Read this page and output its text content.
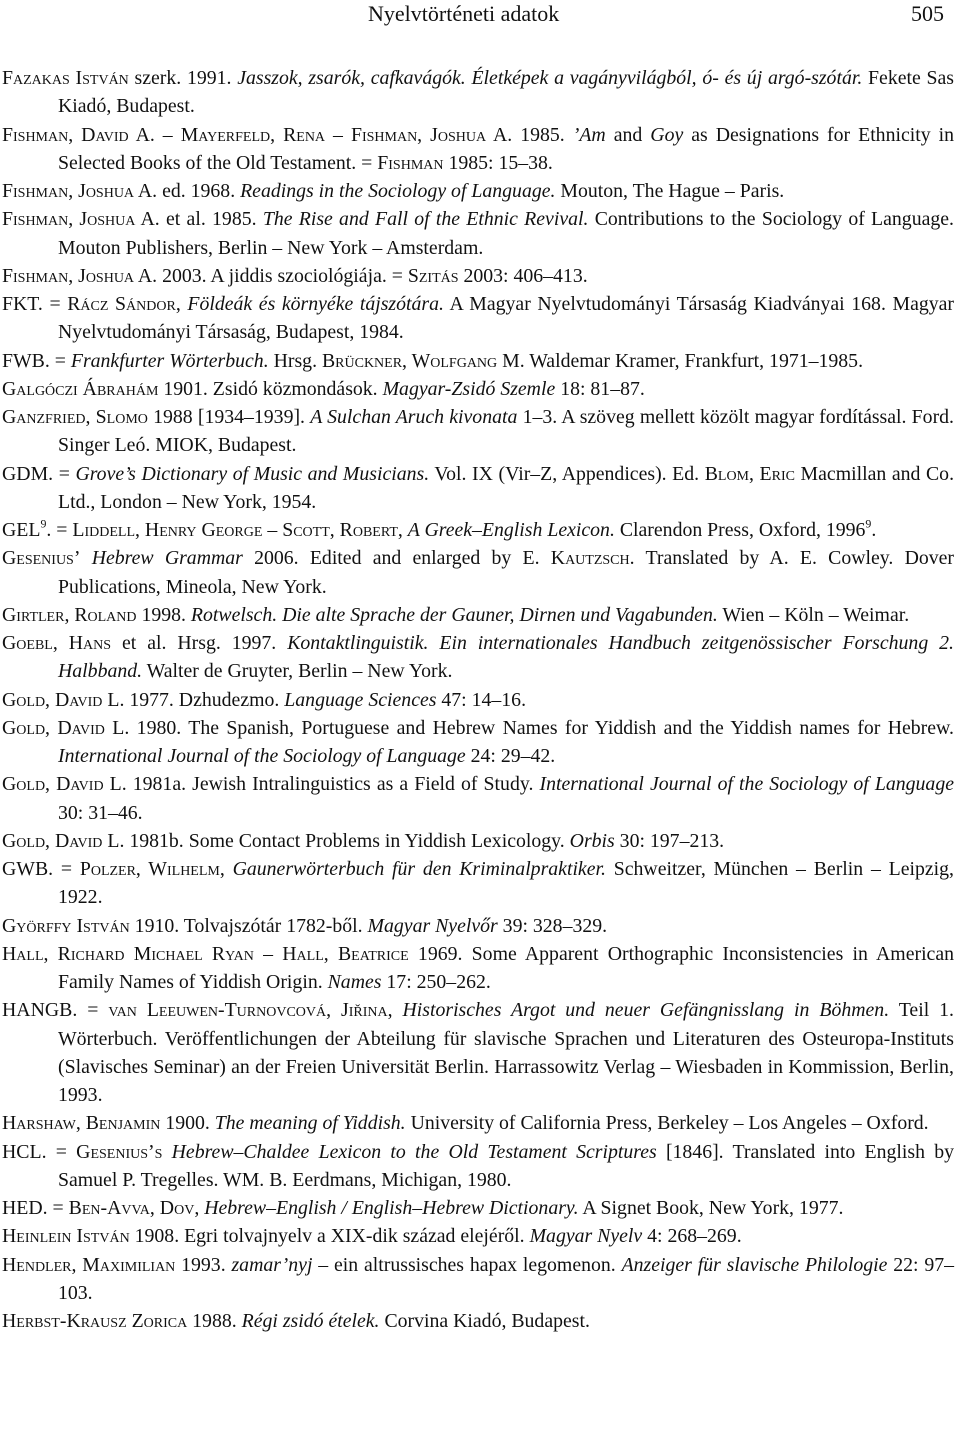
Nyelvtörténeti adatok	505

Fazakas István szerk. 1991. Jasszok, zsarók, cafkavágók. Életképek a vagányvilágból, ó- és új argó-szótár. Fekete Sas Kiadó, Budapest.

Fishman, David A. – Mayerfeld, Rena – Fishman, Joshua A. 1985. ’Am and Goy as Designations for Ethnicity in Selected Books of the Old Testament. = Fishman 1985: 15–38.

Fishman, Joshua A. ed. 1968. Readings in the Sociology of Language. Mouton, The Hague – Paris.

Fishman, Joshua A. et al. 1985. The Rise and Fall of the Ethnic Revival. Contributions to the Sociology of Language. Mouton Publishers, Berlin – New York – Amsterdam.

Fishman, Joshua A. 2003. A jiddis szociológiája. = Szitás 2003: 406–413.

FKT. = Rácz Sándor, Földeák és környéke tájszótára. A Magyar Nyelvtudományi Társaság Kiadványai 168. Magyar Nyelvtudományi Társaság, Budapest, 1984.

FWB. = Frankfurter Wörterbuch. Hrsg. Brückner, Wolfgang M. Waldemar Kramer, Frankfurt, 1971–1985.

Galgóczi Ábrahám 1901. Zsidó közmondások. Magyar-Zsidó Szemle 18: 81–87.

Ganzfried, Slomo 1988 [1934–1939]. A Sulchan Aruch kivonata 1–3. A szöveg mellett közölt magyar fordítással. Ford. Singer Leó. MIOK, Budapest.

GDM. = Grove’s Dictionary of Music and Musicians. Vol. IX (Vir–Z, Appendices). Ed. Blom, Eric Macmillan and Co. Ltd., London – New York, 1954.

$GEL^9$. = Liddell, Henry George – Scott, Robert, A Greek–English Lexicon. Clarendon Press, Oxford, 1996$^9$.

Gesenius’ Hebrew Grammar 2006. Edited and enlarged by E. Kautzsch. Translated by A. E. Cowley. Dover Publications, Mineola, New York.

Girtler, Roland 1998. Rotwelsch. Die alte Sprache der Gauner, Dirnen und Vagabunden. Wien – Köln – Weimar.

Goebl, Hans et al. Hrsg. 1997. Kontaktlinguistik. Ein internationales Handbuch zeitgenössischer Forschung 2. Halbband. Walter de Gruyter, Berlin – New York.

Gold, David L. 1977. Dzhudezmo. Language Sciences 47: 14–16.

Gold, David L. 1980. The Spanish, Portuguese and Hebrew Names for Yiddish and the Yiddish names for Hebrew. International Journal of the Sociology of Language 24: 29–42.

Gold, David L. 1981a. Jewish Intralinguistics as a Field of Study. International Journal of the Sociology of Language 30: 31–46.

Gold, David L. 1981b. Some Contact Problems in Yiddish Lexicology. Orbis 30: 197–213.

GWB. = Polzer, Wilhelm, Gaunerwörterbuch für den Kriminalpraktiker. Schweitzer, München – Berlin – Leipzig, 1922.

Györffy István 1910. Tolvajszótár 1782-ből. Magyar Nyelvőr 39: 328–329.

Hall, Richard Michael Ryan – Hall, Beatrice 1969. Some Apparent Orthographic Inconsistencies in American Family Names of Yiddish Origin. Names 17: 250–262.

HANGB. = van Leeuwen-Turnovcová, Jiřina, Historisches Argot und neuer Gefängnisslang in Böhmen. Teil 1. Wörterbuch. Veröffentlichungen der Abteilung für slavische Sprachen und Literaturen des Osteuropa-Instituts (Slavisches Seminar) an der Freien Universität Berlin. Harrassowitz Verlag – Wiesbaden in Kommission, Berlin, 1993.

Harshaw, Benjamin 1900. The meaning of Yiddish. University of California Press, Berkeley – Los Angeles – Oxford.

HCL. = Gesenius’s Hebrew–Chaldee Lexicon to the Old Testament Scriptures [1846]. Translated into English by Samuel P. Tregelles. WM. B. Eerdmans, Michigan, 1980.

HED. = Ben-Avva, Dov, Hebrew–English / English–Hebrew Dictionary. A Signet Book, New York, 1977.

Heinlein István 1908. Egri tolvajnyelv a XIX-dik század elejéről. Magyar Nyelv 4: 268–269.

Hendler, Maximilian 1993. zamar’nyj – ein altrussisches hapax legomenon. Anzeiger für slavische Philologie 22: 97–103.

Herbst-Krausz Zorica 1988. Régi zsidó ételek. Corvina Kiadó, Budapest.
